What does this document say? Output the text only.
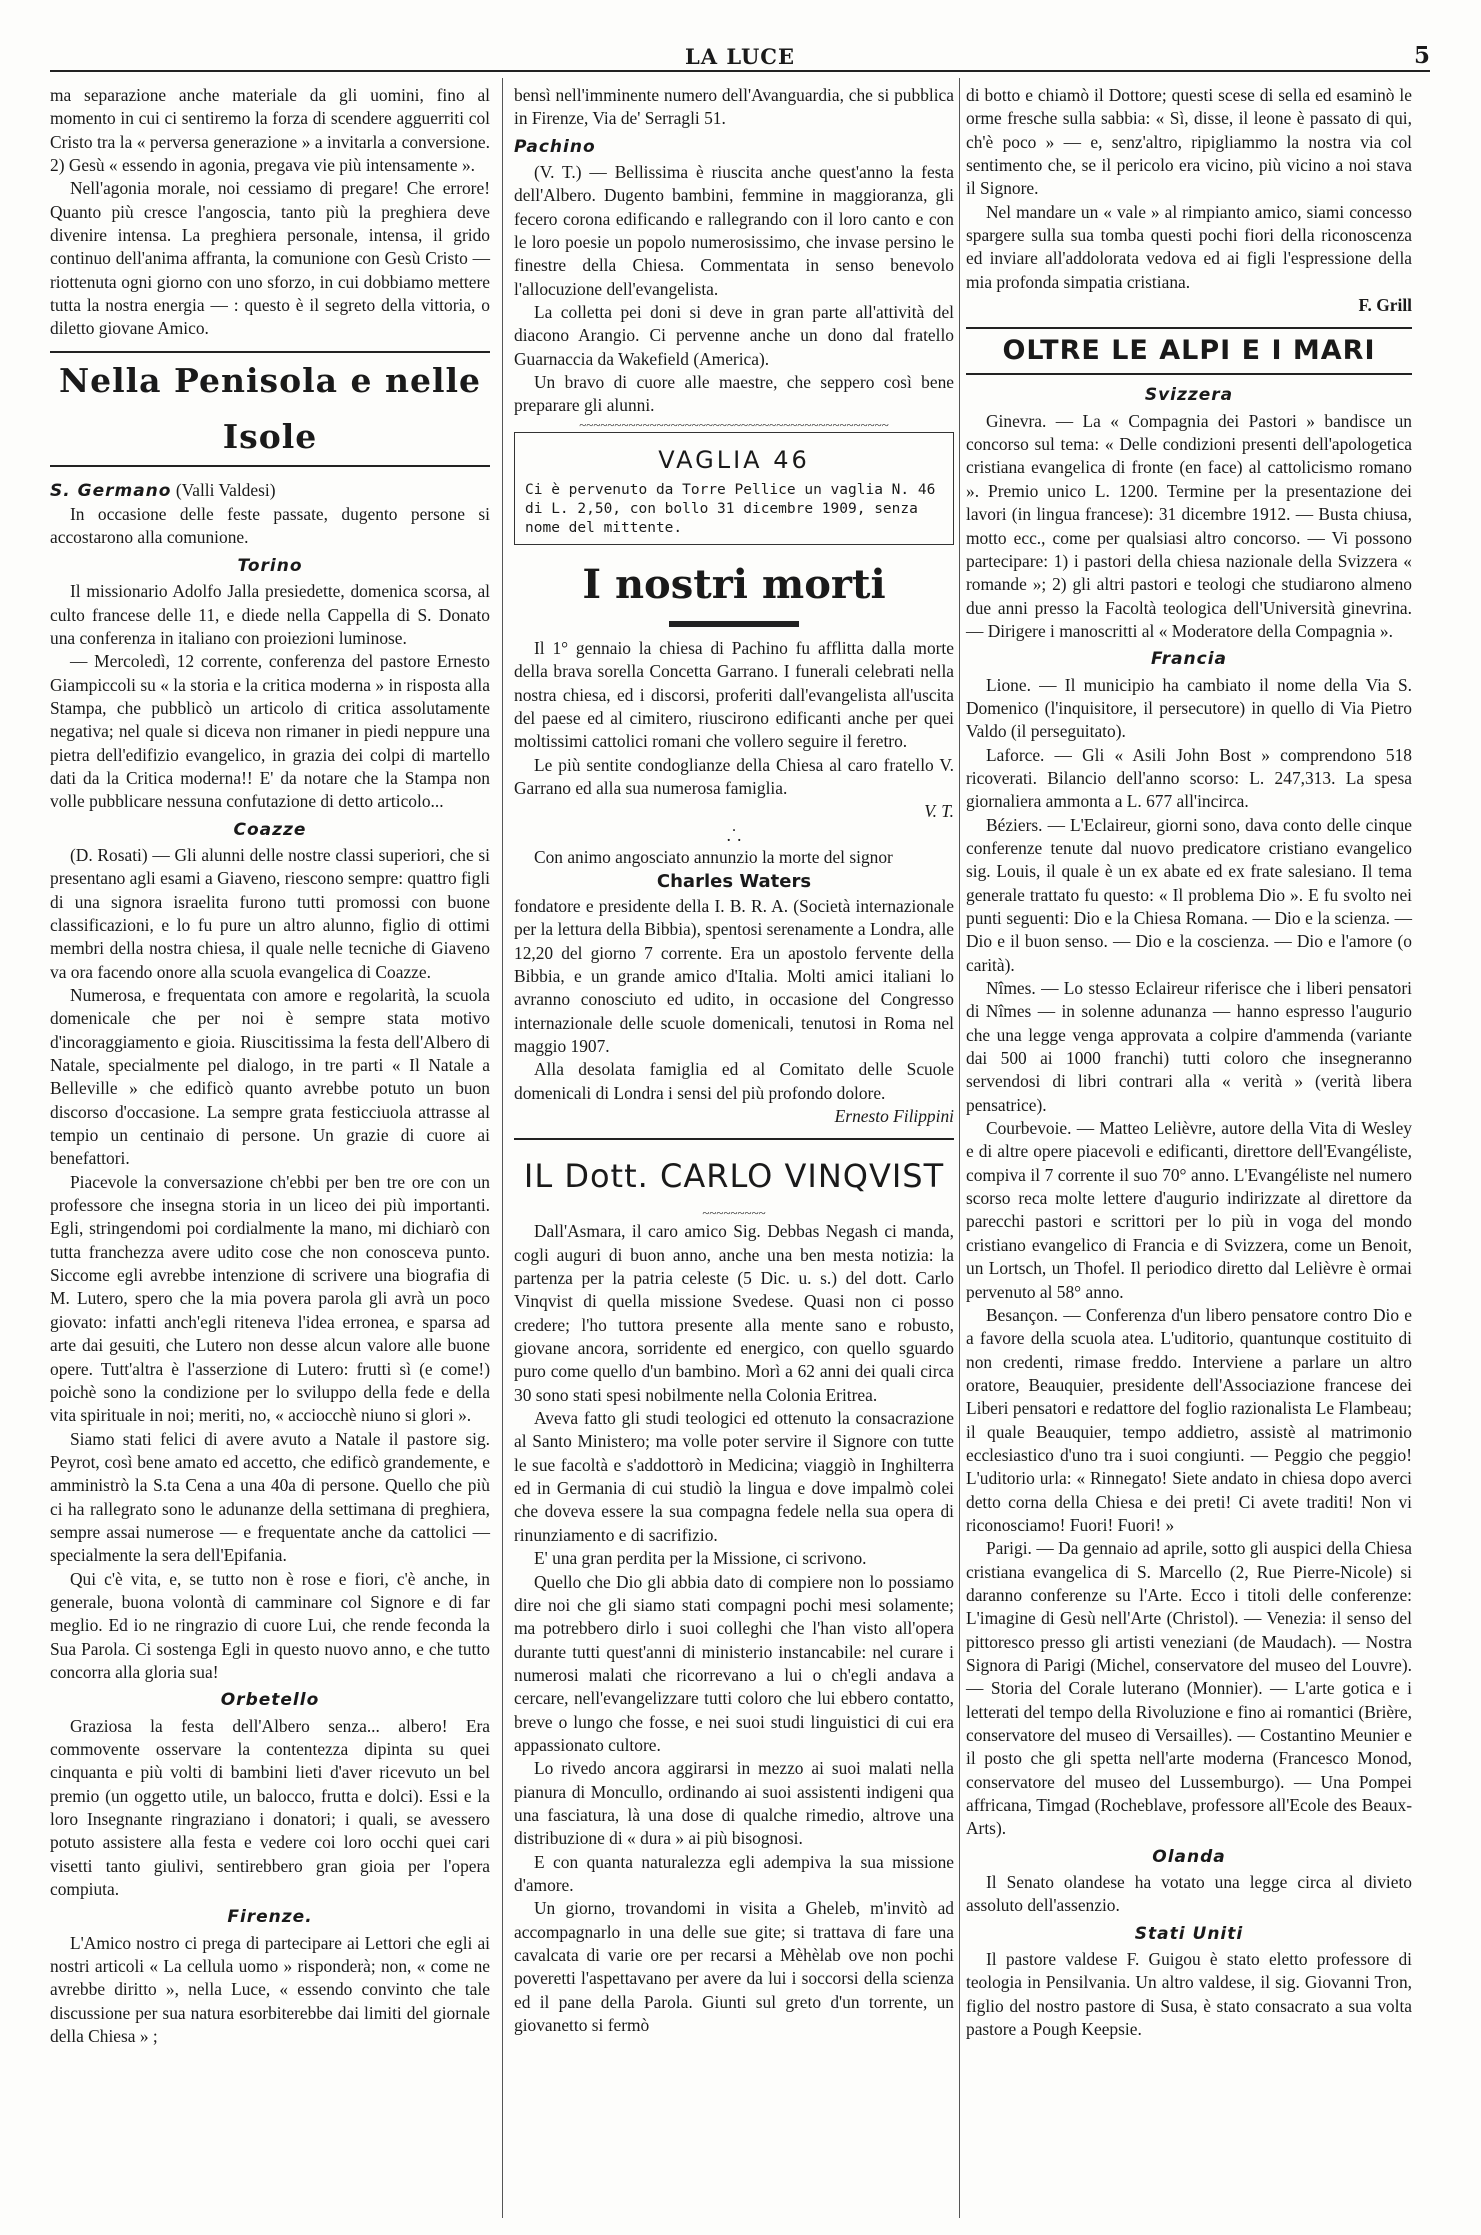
LA LUCE	5

ma separazione anche materiale da gli uomini, fino al momento in cui ci sentiremo la forza di scendere agguerriti col Cristo tra la « perversa generazione » a invitarla a conversione. 2) Gesù « essendo in agonia, pregava vie più intensamente ».

Nell'agonia morale, noi cessiamo di pregare! Che errore! Quanto più cresce l'angoscia, tanto più la preghiera deve divenire intensa. La preghiera personale, intensa, il grido continuo dell'anima affranta, la comunione con Gesù Cristo — riottenuta ogni giorno con uno sforzo, in cui dobbiamo mettere tutta la nostra energia — : questo è il segreto della vittoria, o diletto giovane Amico.

Nella Penisola e nelle Isole

S. Germano (Valli Valdesi)

In occasione delle feste passate, dugento persone si accostarono alla comunione.

Torino

Il missionario Adolfo Jalla presiedette, domenica scorsa, al culto francese delle 11, e diede nella Cappella di S. Donato una conferenza in italiano con proiezioni luminose.

— Mercoledì, 12 corrente, conferenza del pastore Ernesto Giampiccoli su « la storia e la critica moderna » in risposta alla Stampa, che pubblicò un articolo di critica assolutamente negativa; nel quale si diceva non rimaner in piedi neppure una pietra dell'edifizio evangelico, in grazia dei colpi di martello dati da la Critica moderna!! E' da notare che la Stampa non volle pubblicare nessuna confutazione di detto articolo...

Coazze

(D. Rosati) — Gli alunni delle nostre classi superiori, che si presentano agli esami a Giaveno, riescono sempre: quattro figli di una signora israelita furono tutti promossi con buone classificazioni, e lo fu pure un altro alunno, figlio di ottimi membri della nostra chiesa, il quale nelle tecniche di Giaveno va ora facendo onore alla scuola evangelica di Coazze.

Numerosa, e frequentata con amore e regolarità, la scuola domenicale che per noi è sempre stata motivo d'incoraggiamento e gioia. Riuscitissima la festa dell'Albero di Natale, specialmente pel dialogo, in tre parti « Il Natale a Belleville » che edificò quanto avrebbe potuto un buon discorso d'occasione. La sempre grata festicciuola attrasse al tempio un centinaio di persone. Un grazie di cuore ai benefattori.

Piacevole la conversazione ch'ebbi per ben tre ore con un professore che insegna storia in un liceo dei più importanti. Egli, stringendomi poi cordialmente la mano, mi dichiarò con tutta franchezza avere udito cose che non conosceva punto. Siccome egli avrebbe intenzione di scrivere una biografia di M. Lutero, spero che la mia povera parola gli avrà un poco giovato: infatti anch'egli riteneva l'idea erronea, e sparsa ad arte dai gesuiti, che Lutero non desse alcun valore alle buone opere. Tutt'altra è l'asserzione di Lutero: frutti sì (e come!) poichè sono la condizione per lo sviluppo della fede e della vita spirituale in noi; meriti, no, « acciocchè niuno si glori ».

Siamo stati felici di avere avuto a Natale il pastore sig. Peyrot, così bene amato ed accetto, che edificò grandemente, e amministrò la S.ta Cena a una 40a di persone. Quello che più ci ha rallegrato sono le adunanze della settimana di preghiera, sempre assai numerose — e frequentate anche da cattolici — specialmente la sera dell'Epifania.

Qui c'è vita, e, se tutto non è rose e fiori, c'è anche, in generale, buona volontà di camminare col Signore e di far meglio. Ed io ne ringrazio di cuore Lui, che rende feconda la Sua Parola. Ci sostenga Egli in questo nuovo anno, e che tutto concorra alla gloria sua!

Orbetello

Graziosa la festa dell'Albero senza... albero! Era commovente osservare la contentezza dipinta su quei cinquanta e più volti di bambini lieti d'aver ricevuto un bel premio (un oggetto utile, un balocco, frutta e dolci). Essi e la loro Insegnante ringraziano i donatori; i quali, se avessero potuto assistere alla festa e vedere coi loro occhi quei cari visetti tanto giulivi, sentirebbero gran gioia per l'opera compiuta.

Firenze.

L'Amico nostro ci prega di partecipare ai Lettori che egli ai nostri articoli « La cellula uomo » risponderà; non, « come ne avrebbe diritto », nella Luce, « essendo convinto che tale discussione per sua natura esorbiterebbe dai limiti del giornale della Chiesa » ;

bensì nell'imminente numero dell'Avanguardia, che si pubblica in Firenze, Via de' Serragli 51.

Pachino

(V. T.) — Bellissima è riuscita anche quest'anno la festa dell'Albero. Dugento bambini, femmine in maggioranza, gli fecero corona edificando e rallegrando con il loro canto e con le loro poesie un popolo numerosissimo, che invase persino le finestre della Chiesa. Commentata in senso benevolo l'allocuzione dell'evangelista.

La colletta pei doni si deve in gran parte all'attività del diacono Arangio. Ci pervenne anche un dono dal fratello Guarnaccia da Wakefield (America).

Un bravo di cuore alle maestre, che seppero così bene preparare gli alunni.

~~~~~~~~~~~~~~~~~~~~~~~~~~~~~~~~~~~~~~~~~~~~
VAGLIA 46
Ci è pervenuto da Torre Pellice un vaglia N. 46 di L. 2,50, con bollo 31 dicembre 1909, senza nome del mittente.
I nostri morti

Il 1° gennaio la chiesa di Pachino fu afflitta dalla morte della brava sorella Concetta Garrano. I funerali celebrati nella nostra chiesa, ed i discorsi, proferiti dall'evangelista all'uscita del paese ed al cimitero, riuscirono edificanti anche per quei moltissimi cattolici romani che vollero seguire il feretro.

Le più sentite condoglianze della Chiesa al caro fratello V. Garrano ed alla sua numerosa famiglia.

V. T.

.˙.

Con animo angosciato annunzio la morte del signor

Charles Waters

fondatore e presidente della I. B. R. A. (Società internazionale per la lettura della Bibbia), spentosi serenamente a Londra, alle 12,20 del giorno 7 corrente. Era un apostolo fervente della Bibbia, e un grande amico d'Italia. Molti amici italiani lo avranno conosciuto ed udito, in occasione del Congresso internazionale delle scuole domenicali, tenutosi in Roma nel maggio 1907.

Alla desolata famiglia ed al Comitato delle Scuole domenicali di Londra i sensi del più profondo dolore.

Ernesto Filippini

IL Dott. CARLO VINQVIST
~~~~~~~~~

Dall'Asmara, il caro amico Sig. Debbas Negash ci manda, cogli auguri di buon anno, anche una ben mesta notizia: la partenza per la patria celeste (5 Dic. u. s.) del dott. Carlo Vinqvist di quella missione Svedese. Quasi non ci posso credere; l'ho tuttora presente alla mente sano e robusto, giovane ancora, sorridente ed energico, con quello sguardo puro come quello d'un bambino. Morì a 62 anni dei quali circa 30 sono stati spesi nobilmente nella Colonia Eritrea.

Aveva fatto gli studi teologici ed ottenuto la consacrazione al Santo Ministero; ma volle poter servire il Signore con tutte le sue facoltà e s'addottorò in Medicina; viaggiò in Inghilterra ed in Germania di cui studiò la lingua e dove impalmò colei che doveva essere la sua compagna fedele nella sua opera di rinunziamento e di sacrifizio.

E' una gran perdita per la Missione, ci scrivono.

Quello che Dio gli abbia dato di compiere non lo possiamo dire noi che gli siamo stati compagni pochi mesi solamente; ma potrebbero dirlo i suoi colleghi che l'han visto all'opera durante tutti quest'anni di ministerio instancabile: nel curare i numerosi malati che ricorrevano a lui o ch'egli andava a cercare, nell'evangelizzare tutti coloro che lui ebbero contatto, breve o lungo che fosse, e nei suoi studi linguistici di cui era appassionato cultore.

Lo rivedo ancora aggirarsi in mezzo ai suoi malati nella pianura di Moncullo, ordinando ai suoi assistenti indigeni qua una fasciatura, là una dose di qualche rimedio, altrove una distribuzione di « dura » ai più bisognosi.

E con quanta naturalezza egli adempiva la sua missione d'amore.

Un giorno, trovandomi in visita a Gheleb, m'invitò ad accompagnarlo in una delle sue gite; si trattava di fare una cavalcata di varie ore per recarsi a Mèhèlab ove non pochi poveretti l'aspettavano per avere da lui i soccorsi della scienza ed il pane della Parola. Giunti sul greto d'un torrente, un giovanetto si fermò

di botto e chiamò il Dottore; questi scese di sella ed esaminò le orme fresche sulla sabbia: « Sì, disse, il leone è passato di qui, ch'è poco » — e, senz'altro, ripigliammo la nostra via col sentimento che, se il pericolo era vicino, più vicino a noi stava il Signore.

Nel mandare un « vale » al rimpianto amico, siami concesso spargere sulla sua tomba questi pochi fiori della riconoscenza ed inviare all'addolorata vedova ed ai figli l'espressione della mia profonda simpatia cristiana.

F. Grill

OLTRE LE ALPI E I MARI
Svizzera

Ginevra. — La « Compagnia dei Pastori » bandisce un concorso sul tema: « Delle condizioni presenti dell'apologetica cristiana evangelica di fronte (en face) al cattolicismo romano ». Premio unico L. 1200. Termine per la presentazione dei lavori (in lingua francese): 31 dicembre 1912. — Busta chiusa, motto ecc., come per qualsiasi altro concorso. — Vi possono partecipare: 1) i pastori della chiesa nazionale della Svizzera « romande »; 2) gli altri pastori e teologi che studiarono almeno due anni presso la Facoltà teologica dell'Università ginevrina. — Dirigere i manoscritti al « Moderatore della Compagnia ».

Francia

Lione. — Il municipio ha cambiato il nome della Via S. Domenico (l'inquisitore, il persecutore) in quello di Via Pietro Valdo (il perseguitato).

Laforce. — Gli « Asili John Bost » comprendono 518 ricoverati. Bilancio dell'anno scorso: L. 247,313. La spesa giornaliera ammonta a L. 677 all'incirca.

Béziers. — L'Eclaireur, giorni sono, dava conto delle cinque conferenze tenute dal nuovo predicatore cristiano evangelico sig. Louis, il quale è un ex abate ed ex frate salesiano. Il tema generale trattato fu questo: « Il problema Dio ». E fu svolto nei punti seguenti: Dio e la Chiesa Romana. — Dio e la scienza. — Dio e il buon senso. — Dio e la coscienza. — Dio e l'amore (o carità).

Nîmes. — Lo stesso Eclaireur riferisce che i liberi pensatori di Nîmes — in solenne adunanza — hanno espresso l'augurio che una legge venga approvata a colpire d'ammenda (variante dai 500 ai 1000 franchi) tutti coloro che insegneranno servendosi di libri contrari alla « verità » (verità libera pensatrice).

Courbevoie. — Matteo Lelièvre, autore della Vita di Wesley e di altre opere piacevoli e edificanti, direttore dell'Evangéliste, compiva il 7 corrente il suo 70° anno. L'Evangéliste nel numero scorso reca molte lettere d'augurio indirizzate al direttore da parecchi pastori e scrittori per lo più in voga del mondo cristiano evangelico di Francia e di Svizzera, come un Benoit, un Lortsch, un Thofel. Il periodico diretto dal Lelièvre è ormai pervenuto al 58° anno.

Besançon. — Conferenza d'un libero pensatore contro Dio e a favore della scuola atea. L'uditorio, quantunque costituito di non credenti, rimase freddo. Interviene a parlare un altro oratore, Beauquier, presidente dell'Associazione francese dei Liberi pensatori e redattore del foglio razionalista Le Flambeau; il quale Beauquier, tempo addietro, assistè al matrimonio ecclesiastico d'uno tra i suoi congiunti. — Peggio che peggio! L'uditorio urla: « Rinnegato! Siete andato in chiesa dopo averci detto corna della Chiesa e dei preti! Ci avete traditi! Non vi riconosciamo! Fuori! Fuori! »

Parigi. — Da gennaio ad aprile, sotto gli auspici della Chiesa cristiana evangelica di S. Marcello (2, Rue Pierre-Nicole) si daranno conferenze su l'Arte. Ecco i titoli delle conferenze: L'imagine di Gesù nell'Arte (Christol). — Venezia: il senso del pittoresco presso gli artisti veneziani (de Maudach). — Nostra Signora di Parigi (Michel, conservatore del museo del Louvre). — Storia del Corale luterano (Monnier). — L'arte gotica e i letterati del tempo della Rivoluzione e fino ai romantici (Brière, conservatore del museo di Versailles). — Costantino Meunier e il posto che gli spetta nell'arte moderna (Francesco Monod, conservatore del museo del Lussemburgo). — Una Pompei affricana, Timgad (Rocheblave, professore all'Ecole des Beaux-Arts).

Olanda

Il Senato olandese ha votato una legge circa al divieto assoluto dell'assenzio.

Stati Uniti

Il pastore valdese F. Guigou è stato eletto professore di teologia in Pensilvania. Un altro valdese, il sig. Giovanni Tron, figlio del nostro pastore di Susa, è stato consacrato a sua volta pastore a Pough Keepsie.
